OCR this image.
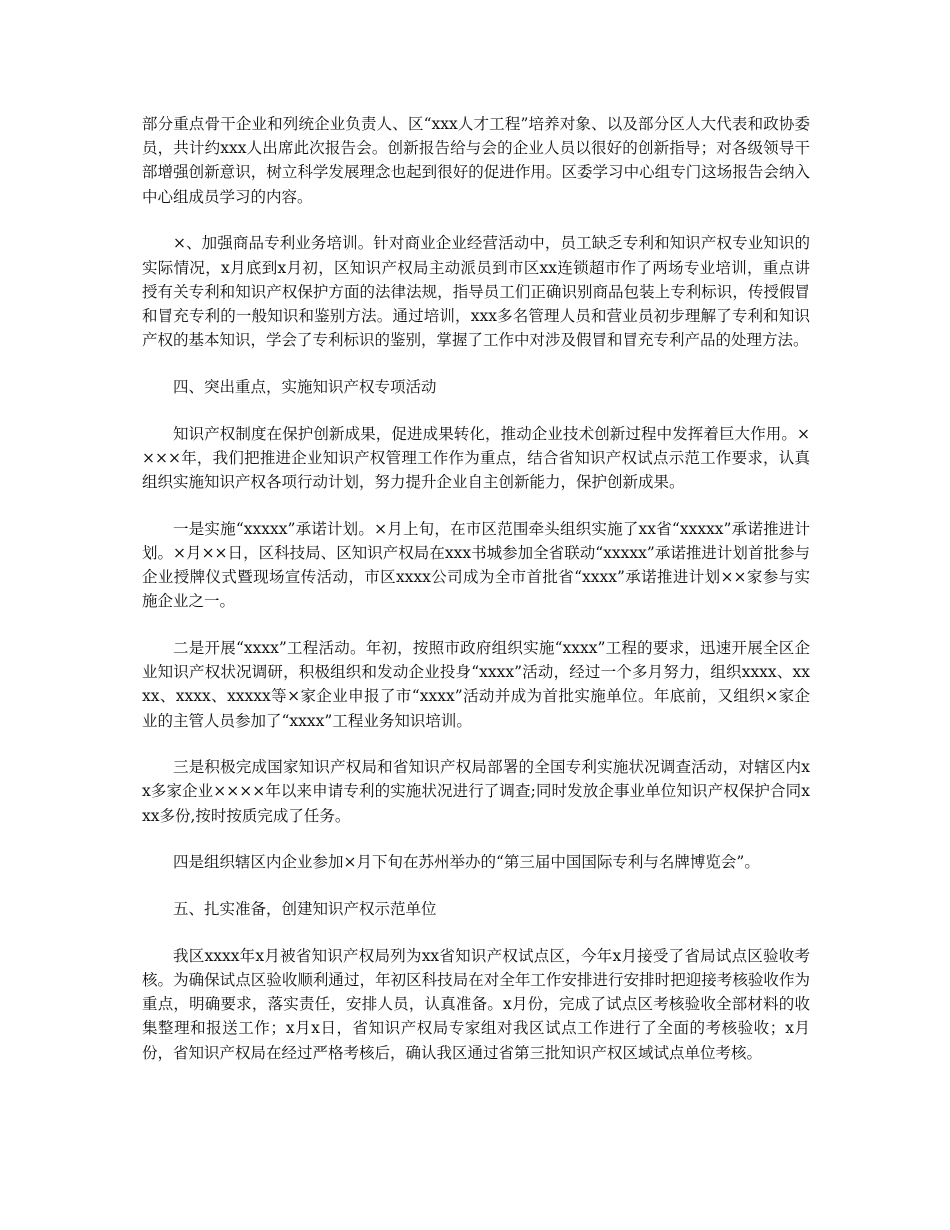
部分重点骨干企业和列统企业负责人、区“xxx人才工程”培养对象、以及部分区人大代表和政协委员，共计约xxx人出席此次报告会。创新报告给与会的企业人员以很好的创新指导；对各级领导干部增强创新意识，树立科学发展理念也起到很好的促进作用。区委学习中心组专门这场报告会纳入中心组成员学习的内容。

×、加强商品专利业务培训。针对商业企业经营活动中，员工缺乏专利和知识产权专业知识的实际情况，x月底到x月初，区知识产权局主动派员到市区xx连锁超市作了两场专业培训，重点讲授有关专利和知识产权保护方面的法律法规，指导员工们正确识别商品包装上专利标识，传授假冒和冒充专利的一般知识和鉴别方法。通过培训，xxx多名管理人员和营业员初步理解了专利和知识产权的基本知识，学会了专利标识的鉴别，掌握了工作中对涉及假冒和冒充专利产品的处理方法。

四、突出重点，实施知识产权专项活动

知识产权制度在保护创新成果，促进成果转化，推动企业技术创新过程中发挥着巨大作用。××××年，我们把推进企业知识产权管理工作作为重点，结合省知识产权试点示范工作要求，认真组织实施知识产权各项行动计划，努力提升企业自主创新能力，保护创新成果。

一是实施“xxxxx”承诺计划。×月上旬，在市区范围牵头组织实施了xx省“xxxxx”承诺推进计划。×月××日，区科技局、区知识产权局在xxx书城参加全省联动“xxxxx”承诺推进计划首批参与企业授牌仪式暨现场宣传活动，市区xxxx公司成为全市首批省“xxxx”承诺推进计划××家参与实施企业之一。

二是开展“xxxx”工程活动。年初，按照市政府组织实施“xxxx”工程的要求，迅速开展全区企业知识产权状况调研，积极组织和发动企业投身“xxxx”活动，经过一个多月努力，组织xxxx、xxxx、xxxx、xxxxx等×家企业申报了市“xxxx”活动并成为首批实施单位。年底前，又组织×家企业的主管人员参加了“xxxx”工程业务知识培训。

三是积极完成国家知识产权局和省知识产权局部署的全国专利实施状况调查活动，对辖区内xx多家企业××××年以来申请专利的实施状况进行了调查;同时发放企事业单位知识产权保护合同xxx多份,按时按质完成了任务。

四是组织辖区内企业参加×月下旬在苏州举办的“第三届中国国际专利与名牌博览会”。

五、扎实准备，创建知识产权示范单位

我区xxxx年x月被省知识产权局列为xx省知识产权试点区，今年x月接受了省局试点区验收考核。为确保试点区验收顺利通过，年初区科技局在对全年工作安排进行安排时把迎接考核验收作为重点，明确要求，落实责任，安排人员，认真准备。x月份，完成了试点区考核验收全部材料的收集整理和报送工作；x月x日，省知识产权局专家组对我区试点工作进行了全面的考核验收；x月份，省知识产权局在经过严格考核后，确认我区通过省第三批知识产权区域试点单位考核。
